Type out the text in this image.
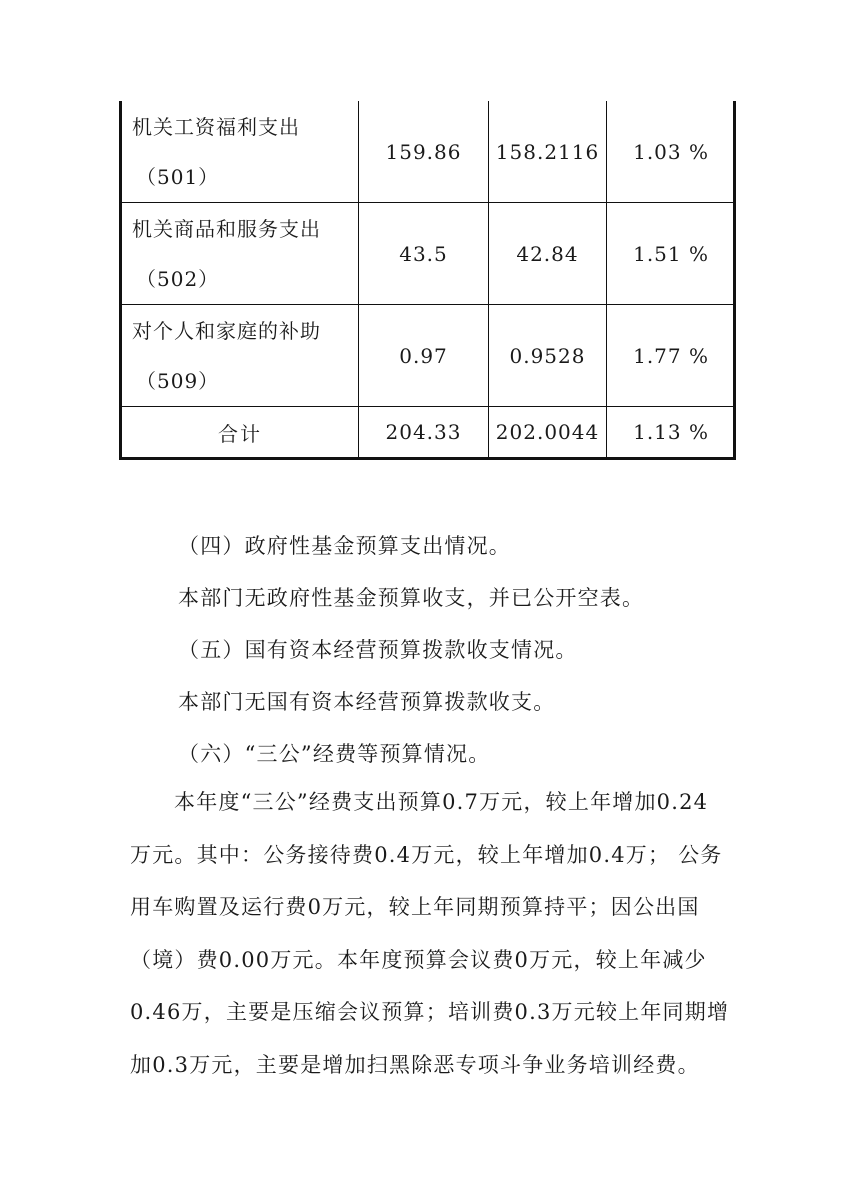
机关工资福利支出
（501）	159.86	158.2116	1.03 %

机关商品和服务支出
（502）	43.5	42.84	1.51 %

对个人和家庭的补助
（509）	0.97	0.9528	1.77 %
合计	204.33	202.0044	1.13 %
（四）政府性基金预算支出情况。
本部门无政府性基金预算收支，并已公开空表。
（五）国有资本经营预算拨款收支情况。
本部门无国有资本经营预算拨款收支。
（六）“三公”经费等预算情况。
本年度“三公”经费支出预算0.7万元，较上年增加0.24
万元。其中：公务接待费0.4万元，较上年增加0.4万； 公务
用车购置及运行费0万元，较上年同期预算持平；因公出国
（境）费0.00万元。本年度预算会议费0万元，较上年减少
0.46万，主要是压缩会议预算；培训费0.3万元较上年同期增
加0.3万元，主要是增加扫黑除恶专项斗争业务培训经费。
